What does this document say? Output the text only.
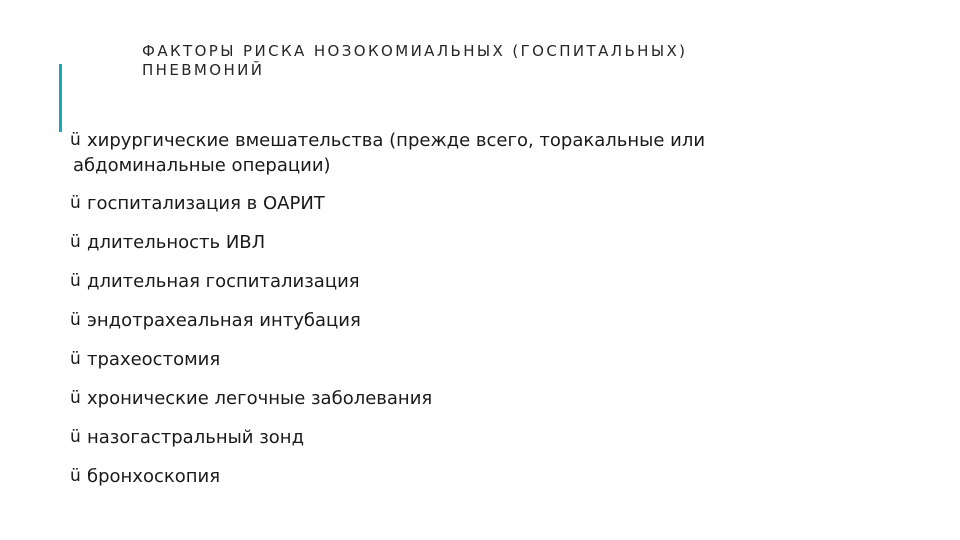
ФАКТОРЫ РИСКА НОЗОКОМИАЛЬНЫХ (ГОСПИТАЛЬНЫХ)
ПНЕВМОНИЙ
ü хирургические вмешательства (прежде всего, торакальные или
абдоминальные операции)
ü госпитализация в ОАРИТ
ü длительность ИВЛ
ü длительная госпитализация
ü эндотрахеальная интубация
ü трахеостомия
ü хронические легочные заболевания
ü назогастральный зонд
ü бронхоскопия
